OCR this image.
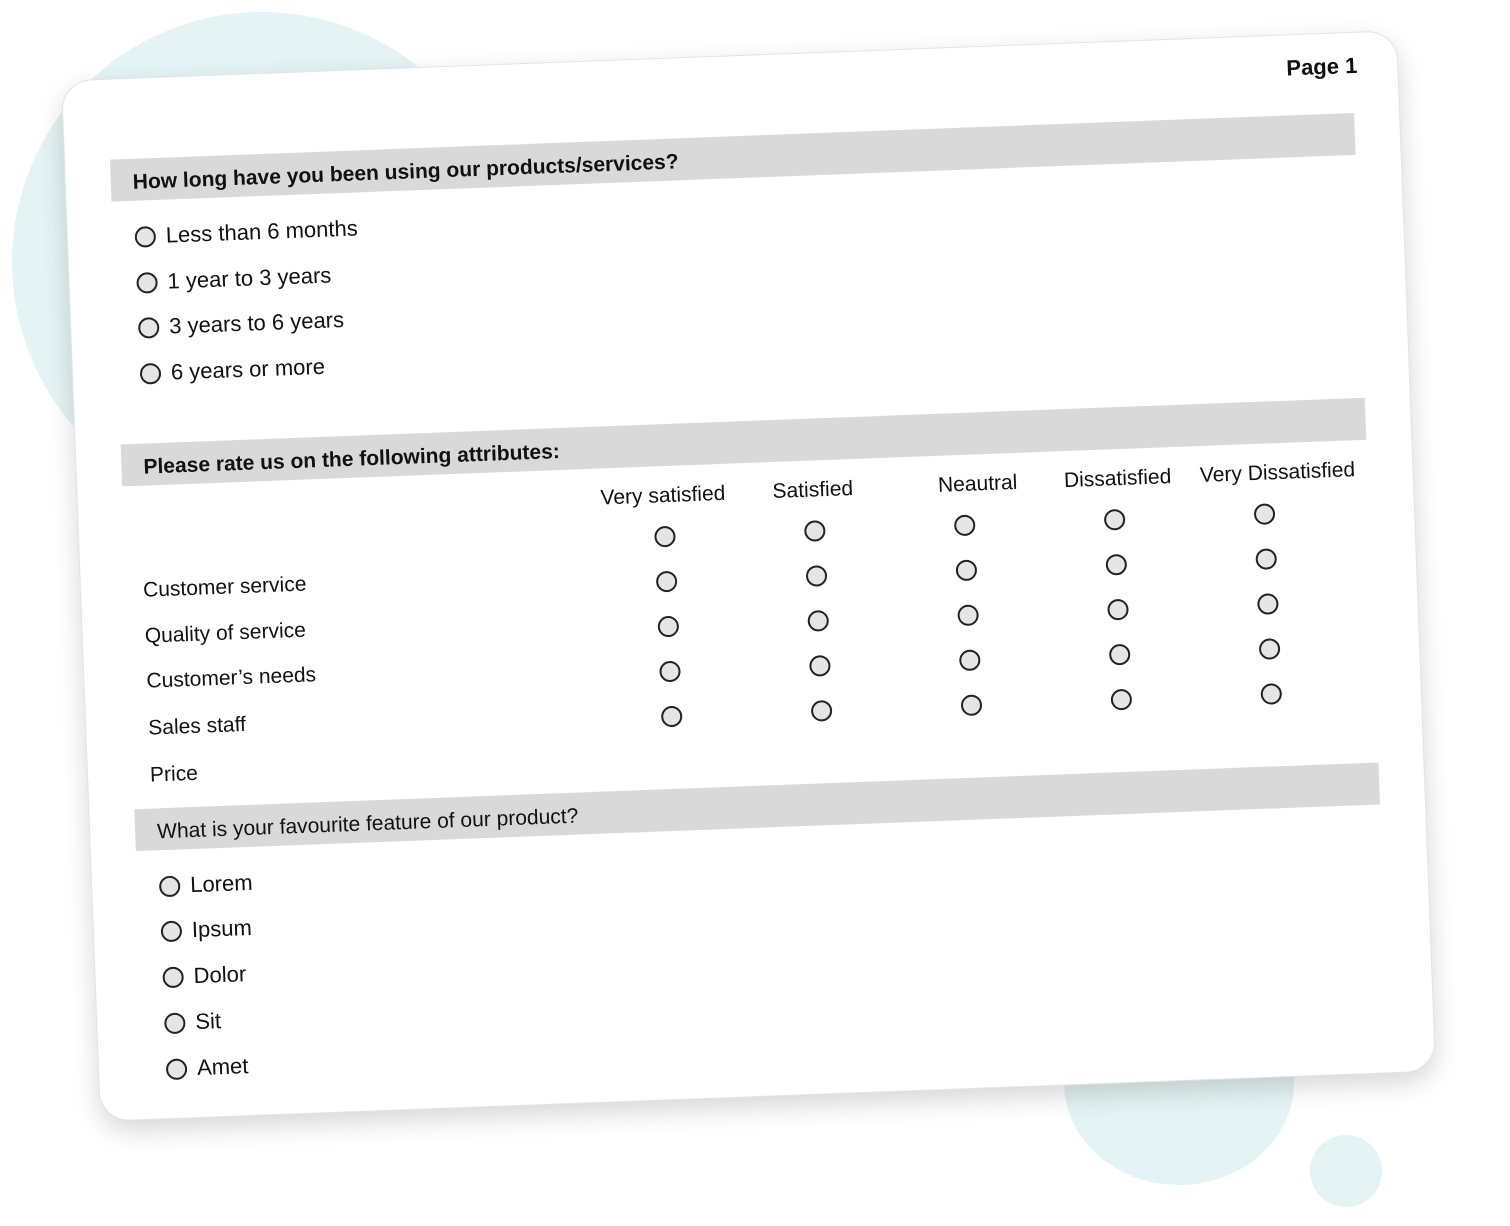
Page 1
How long have you been using our products/services?
Less than 6 months
1 year to 3 years
3 years to 6 years
6 years or more
Please rate us on the following attributes:
Very satisfied	Satisfied	Neautral	Dissatisfied	Very Dissatisfied
Customer service
Quality of service
Customer’s needs
Sales staff
Price
What is your favourite feature of our product?
Lorem
Ipsum
Dolor
Sit
Amet
